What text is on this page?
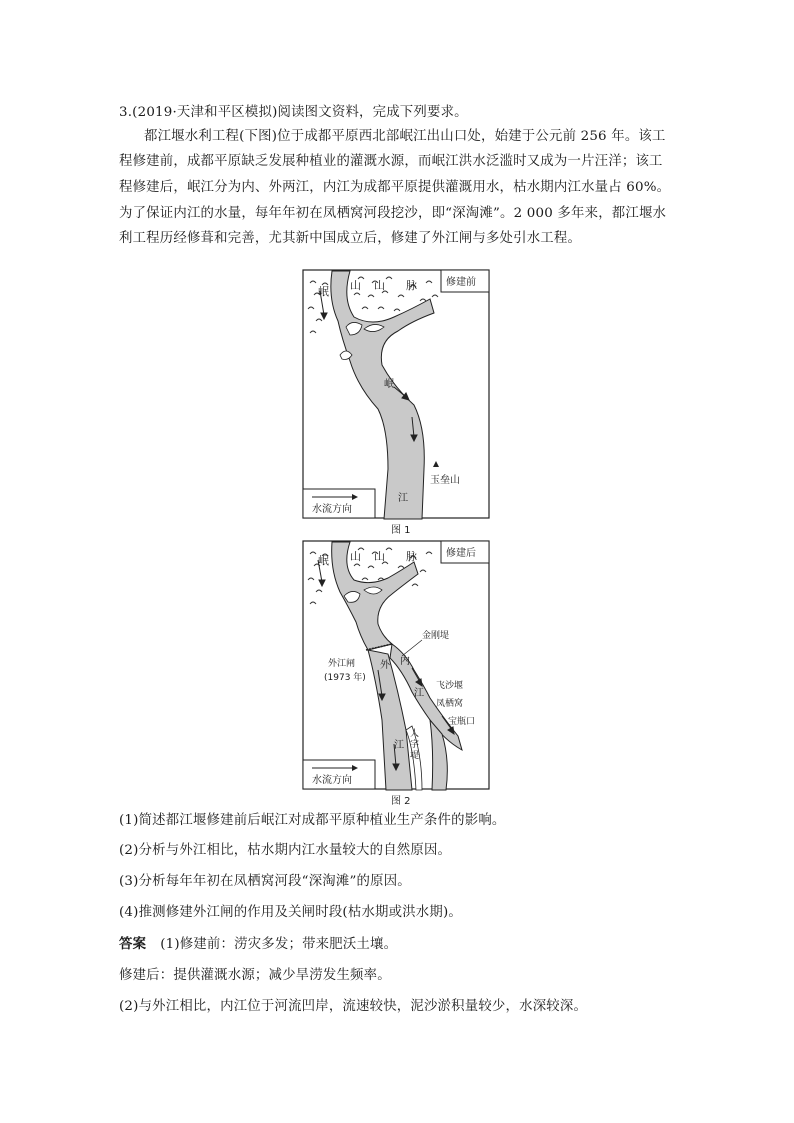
3.(2019·天津和平区模拟)阅读图文资料，完成下列要求。
都江堰水利工程(下图)位于成都平原西北部岷江出山口处，始建于公元前 256 年。该工
程修建前，成都平原缺乏发展种植业的灌溉水源，而岷江洪水泛滥时又成为一片汪洋；该工
程修建后，岷江分为内、外两江，内江为成都平原提供灌溉用水，枯水期内江水量占 60%。
为了保证内江的水量，每年年初在凤栖窝河段挖沙，即“深淘滩”。2 000 多年来，都江堰水
利工程历经修葺和完善，尤其新中国成立后，修建了外江闸与多处引水工程。
岷 山 山 脉	修建前
岷
江
玉垒山
水流方向
图 1
岷 山 山 脉	修建后
金刚堤
外江闸
(1973 年)
内
外
江
江
飞沙堰
凤栖窝
宝瓶口
人
字
堤
水流方向
图 2
(1)简述都江堰修建前后岷江对成都平原种植业生产条件的影响。
(2)分析与外江相比，枯水期内江水量较大的自然原因。
(3)分析每年年初在凤栖窝河段“深淘滩”的原因。
(4)推测修建外江闸的作用及关闸时段(枯水期或洪水期)。
答案 (1)修建前：涝灾多发；带来肥沃土壤。
修建后：提供灌溉水源；减少旱涝发生频率。
(2)与外江相比，内江位于河流凹岸，流速较快，泥沙淤积量较少，水深较深。
